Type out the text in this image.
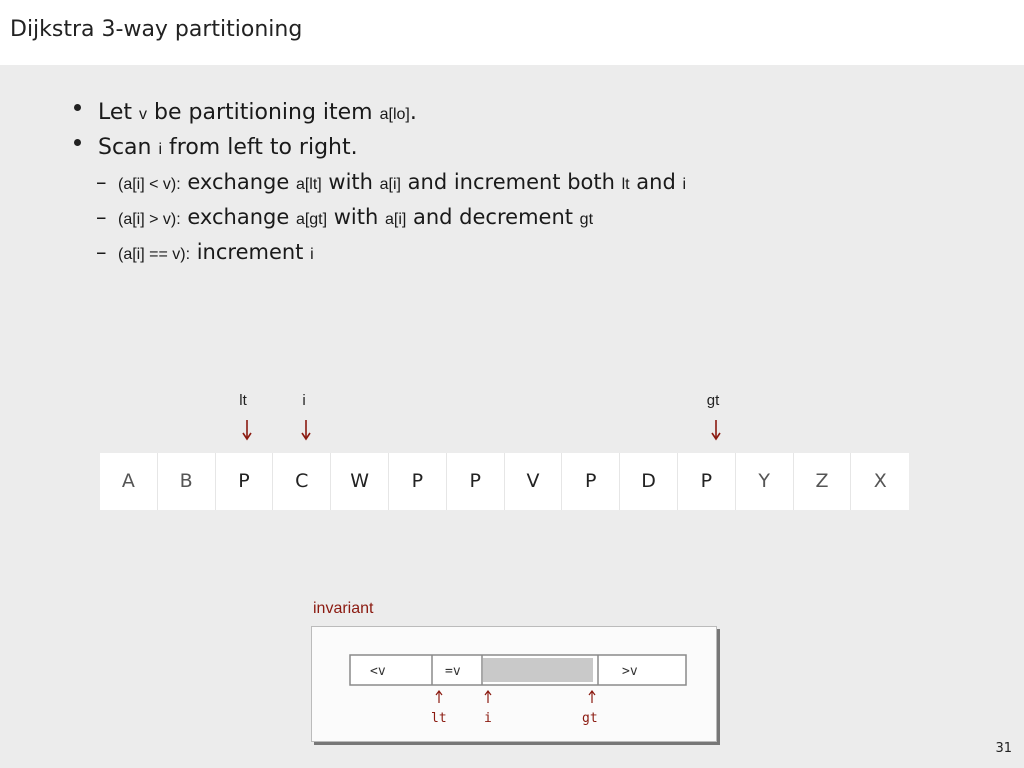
Dijkstra 3-way partitioning
Let v be partitioning item a[lo].
Scan i from left to right.
– (a[i] < v): exchange a[lt] with a[i] and increment both lt and i
– (a[i] > v): exchange a[gt] with a[i] and decrement gt
– (a[i] == v): increment i
lt	i	gt
A	B	P	C	W	P	P	V	P	D	P	Y	Z	X
invariant
<v	=v	>v
lt	i	gt
31
